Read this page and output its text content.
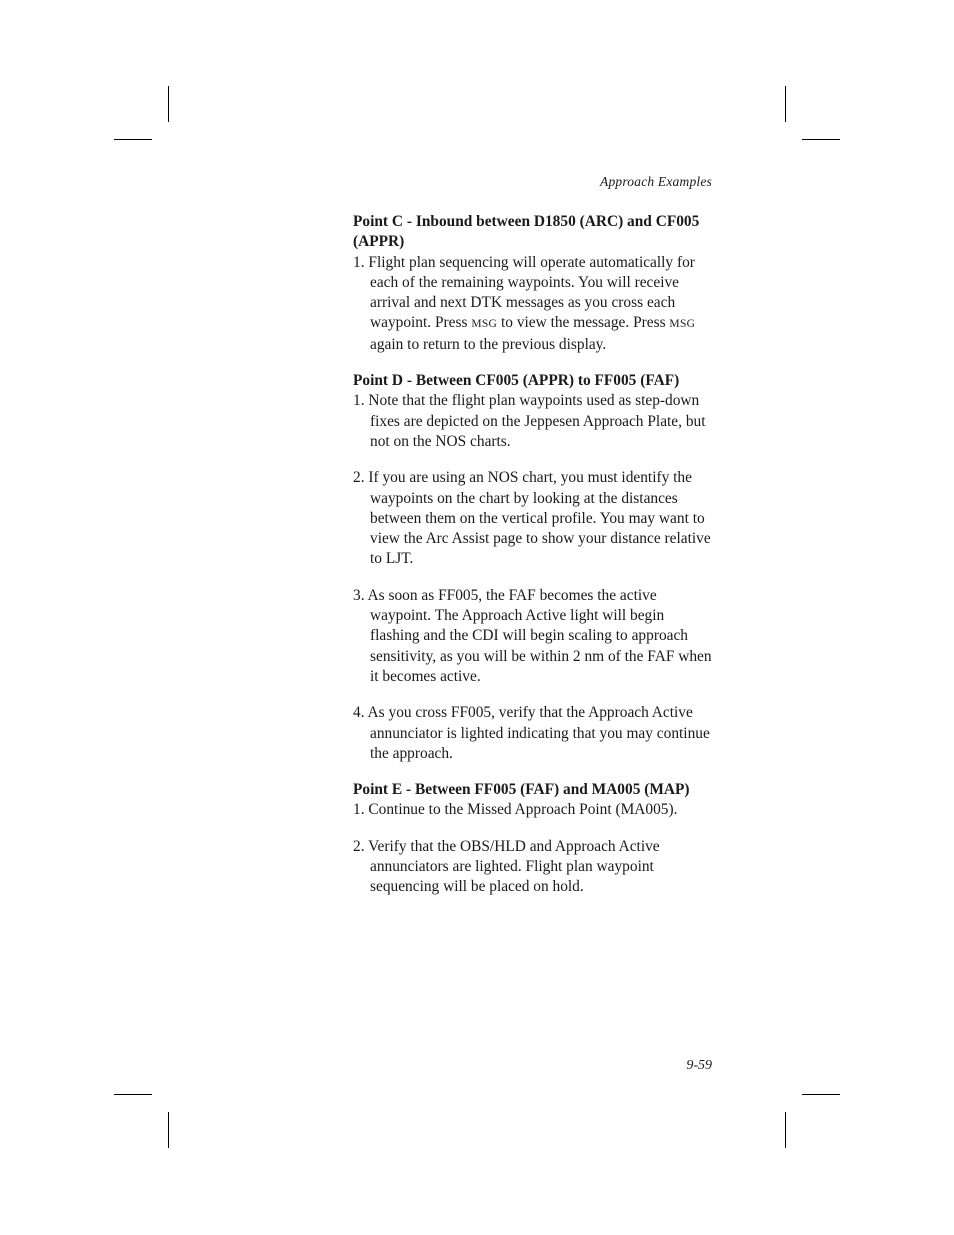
Approach Examples

Point C - Inbound between D1850 (ARC) and CF005 (APPR)

1. Flight plan sequencing will operate automatically for each of the remaining waypoints. You will receive arrival and next DTK messages as you cross each waypoint. Press MSG to view the message. Press MSG again to return to the previous display.

Point D - Between CF005 (APPR) to FF005 (FAF)

1. Note that the flight plan waypoints used as step-down fixes are depicted on the Jeppesen Approach Plate, but not on the NOS charts.

2. If you are using an NOS chart, you must identify the waypoints on the chart by looking at the distances between them on the vertical profile. You may want to view the Arc Assist page to show your distance relative to LJT.

3. As soon as FF005, the FAF becomes the active waypoint. The Approach Active light will begin flashing and the CDI will begin scaling to approach sensitivity, as you will be within 2 nm of the FAF when it becomes active.

4. As you cross FF005, verify that the Approach Active annunciator is lighted indicating that you may continue the approach.

Point E - Between FF005 (FAF) and MA005 (MAP)

1. Continue to the Missed Approach Point (MA005).

2. Verify that the OBS/HLD and Approach Active annunciators are lighted. Flight plan waypoint sequencing will be placed on hold.

9-59
